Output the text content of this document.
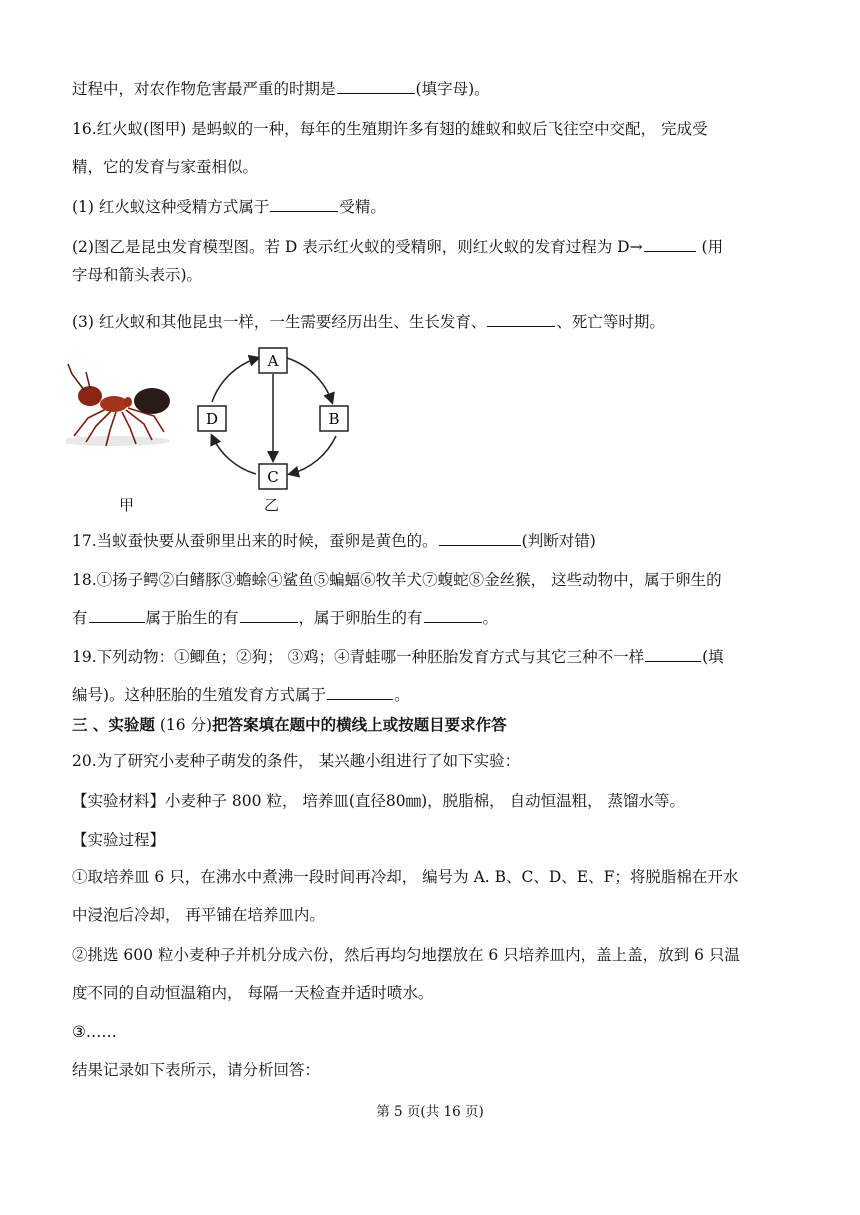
过程中，对农作物危害最严重的时期是	(填字母)。
16.红火蚁(图甲) 是蚂蚁的一种，每年的生殖期许多有翅的雄蚁和蚁后飞往空中交配， 完成受
精，它的发育与家蚕相似。
(1) 红火蚁这种受精方式属于	受精。
(2)图乙是昆虫发育模型图。若 D 表示红火蚁的受精卵，则红火蚁的发育过程为 D→	(用
字母和箭头表示)。
(3) 红火蚁和其他昆虫一样，一生需要经历出生、生长发育、	、死亡等时期。
A
B
C
D
甲	乙
17.当蚁蚕快要从蚕卵里出来的时候，蚕卵是黄色的。	(判断对错)
18.①扬子鳄②白鳍豚③蟾蜍④鲨鱼⑤蝙蝠⑥牧羊犬⑦蝮蛇⑧金丝猴， 这些动物中，属于卵生的
有	属于胎生的有	，属于卵胎生的有	。
19.下列动物：①鲫鱼；②狗； ③鸡；④青蛙哪一种胚胎发育方式与其它三种不一样	(填
编号)。这种胚胎的生殖发育方式属于	。
三 、实验题 (16 分)把答案填在题中的横线上或按题目要求作答
20.为了研究小麦种子萌发的条件， 某兴趣小组进行了如下实验：
【实验材料】小麦种子 800 粒， 培养皿(直径80㎜)，脱脂棉， 自动恒温粗， 蒸馏水等。
【实验过程】
①取培养皿 6 只，在沸水中煮沸一段时间再冷却， 编号为 A. B、C、D、E、F；将脱脂棉在开水
中浸泡后冷却， 再平铺在培养皿内。
②挑选 600 粒小麦种子并机分成六份，然后再均匀地摆放在 6 只培养皿内，盖上盖，放到 6 只温
度不同的自动恒温箱内， 每隔一天检查并适时喷水。
③……
结果记录如下表所示，请分析回答：
第 5 页(共 16 页)
